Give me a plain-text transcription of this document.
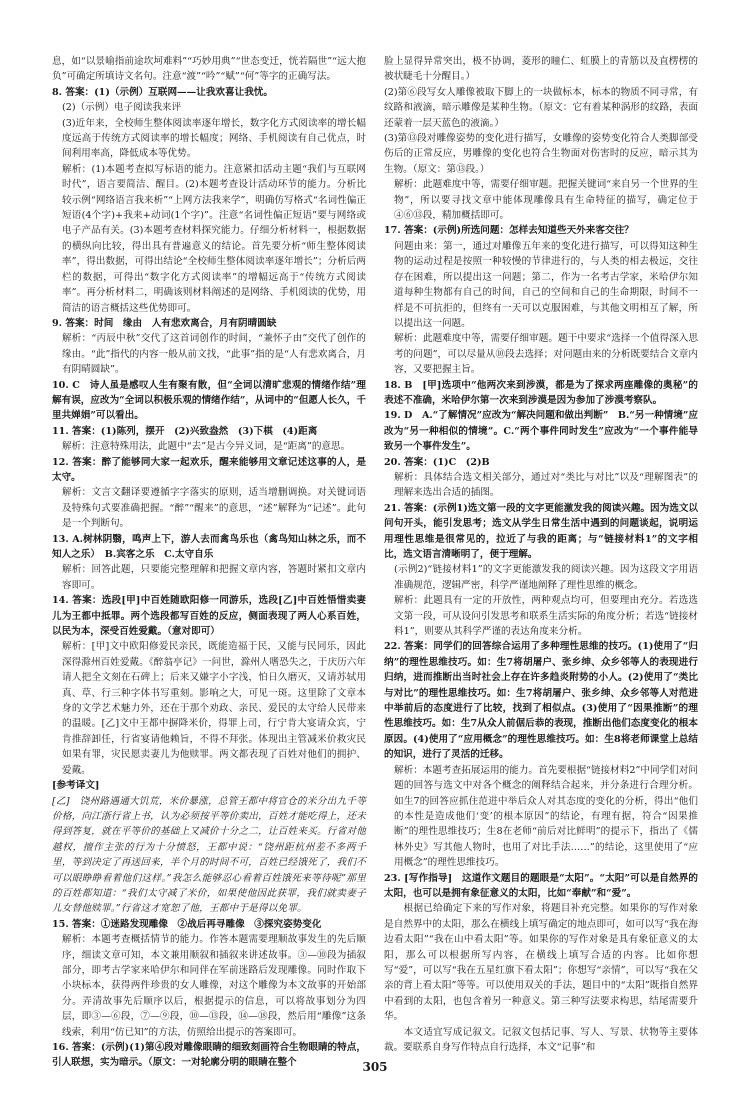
息，如“以景喻指前途坎坷难料”“巧妙用典”“世态变迁，恍若隔世”“远大抱负”可确定所填诗文名句。注意“渡”“吟”“赋”“何”等字的正确写法。

8. 答案：(1)（示例）互联网——让我欢喜让我忧。

(2)（示例）电子阅读我来评

(3)近年来，全校师生整体阅读率逐年增长，数字化方式阅读率的增长幅度远高于传统方式阅读率的增长幅度；网络、手机阅读有自己优点，时间利用率高，降低成本等优势。

解析：(1)本题考查拟写标语的能力。注意紧扣活动主题“我们与互联网时代”，语言要简洁、醒目。(2)本题考查设计活动环节的能力。分析比较示例“网络语言我来析”“上网方法我来学”，明确仿写格式“名词性偏正短语(4个字)+我来+动词(1个字)”。注意“名词性偏正短语”要与网络或电子产品有关。(3)本题考查材料探究能力。仔细分析材料一，根据数据的横纵向比较，得出具有普遍意义的结论。首先要分析“师生整体阅读率”，得出数据，可得出结论“全校师生整体阅读率逐年增长”；分析后两栏的数据，可得出“数字化方式阅读率”的增幅远高于“传统方式阅读率”。再分析材料二，明确该则材料阐述的是网络、手机阅读的优势，用简洁的语言概括这些优势即可。

9. 答案：时间　缘由　人有悲欢离合，月有阴晴圆缺

解析：“丙辰中秋”交代了这首词创作的时间，“兼怀子由”交代了创作的缘由。“此”指代的内容一般从前文找，“此事”指的是“人有悲欢离合，月有阴晴圆缺”。

10. C　诗人虽是感叹人生有聚有散，但“全词以清旷悲观的情绪作结”理解有误，应改为“全词以积极乐观的情绪作结”，从词中的“但愿人长久，千里共婵娟”可以看出。

11. 答案：(1)陈列，摆开　(2)兴致盎然　(3)下棋　(4)距离

解析：注意特殊用法，此题中“去”是古今异义词，是“距离”的意思。

12. 答案：醉了能够同大家一起欢乐，醒来能够用文章记述这事的人，是太守。

解析：文言文翻译要遵循字字落实的原则，适当增删调换。对关键词语及特殊句式要准确把握。“醉”“醒来”的意思，“述”解释为“记述”。此句是一个判断句。

13. A.树林阴翳，鸣声上下，游人去而禽鸟乐也（禽鸟知山林之乐，而不知人之乐）　B.宾客之乐　C.太守自乐

解析：回答此题，只要能完整理解和把握文章内容，答题时紧扣文章内容即可。

14. 答案：选段[甲]中百姓随欧阳修一同游乐，选段[乙]中百姓悟惜卖妻儿为王都中抵罪。两个选段都写百姓的反应，侧面表现了两人心系百姓，以民为本，深受百姓爱戴。（意对即可）

解析：[甲]文中欧阳修爱民亲民，既能造福于民，又能与民同乐，因此深得滁州百姓爱戴。《醉翁亭记》一问世，滁州人嗜恐失之，于庆历六年请人把全文刻在石碑上；后来又嫌字小字浅，怕日久磨灭，又请苏轼用真、草、行三种字体书写重刻。影响之大，可见一斑。这里除了文章本身的文学艺术魅力外，还在于那个劝政、亲民、爱民的太守给人民带来的温暖。[乙]文中王都中摒降米价，得罪上司，行宁肯大宴请众宾，宁肯推辞卸任，行省宴请他赖旨，不得不拜张。体现出主管减米价救灾民如果有罪，灾民愿卖妻儿为他赎罪。两文都表现了百姓对他们的拥护、爱戴。

[参考译文]

[乙]　饶州路遇通大饥荒，米价暴涨，总管王都中将官仓的米分出九千等价格，向江浙行省上书，认为必须按平等价卖出，百姓才能吃得上，还未得到答复，就在平等价的基础上又减价十分之二，让百姓来买。行省对他越权，擅作主张的行为十分愤怒，王都中说：“饶州距杭州差不多两千里，等到决定了再送回来，半个月的时间不可，百姓已经饿死了，我们不可以眼睁睁看着他们这样。”我怎么能够忍心看着百姓饿死来等待呢”那里的百姓都知道：“我们太守减了米价，如果使他因此获罪，我们就卖妻子儿女替他赎罪。”行省这才宽恕了他，王都中于是得以免罪。

15. 答案：①迷路发现雕像　②战后再寻雕像　③探究姿势变化

解析：本题考查概括情节的能力。作答本题需要理顺故事发生的先后顺序，细读文章可知，本文兼用顺叙和插叙来讲述故事。③—⑩段为插叙部分，即考古学家来哈伊尔和同伴在军前迷路后发现雕像。同时作取下小块标本，获得两件珍贵的女人雕像，对这个雕像为本文故事的开始部分。弄清故事先后顺序以后，根据提示的信息，可以将故事划分为四层，即③—⑥段，⑦—⑨段，⑩—⑬段，⑭—⑱段，然后用“雕像”这条线索，利用“仿已知”的方法，仿照给出提示的答案即可。

16. 答案：(示例)(1)第④段对雕像眼睛的细致刻画符合生物眼睛的特点，引人联想，实为暗示。（原文：一对轮廓分明的眼睛在整个

脸上显得异常突出，极不协调，菱形的瞳仁、虹膜上的青筋以及直楞楞的被状睫毛十分醒目。）

(2)第⑥段写女人雕像被取下脚上的一块做标本，标本的物质不同寻常，有纹路和液滴，暗示雕像是某种生物。（原文：它有着某种涡形的纹路，表面还蒙着一层天蓝色的液滴。）

(3)第⑬段对雕像姿势的变化进行描写，女雕像的姿势变化符合人类脚部受伤后的正常反应，男雕像的变化也符合生物面对伤害时的反应，暗示其为生物。（原文：第⑬段。）

解析：此题难度中等，需要仔细审题。把握关键词“来自另一个世界的生物”，所以要寻找文章中能体现雕像具有生命特征的描写，确定位于④⑥⑬段，精加概括即可。

17. 答案：(示例)所选问题：怎样去知道些天外来客交往？

问题由来：第一，通过对雕像五年来的变化进行描写，可以得知这种生物的运动过程是按照一种较慢的节律进行的，与人类的相去极远，交往存在困难，所以提出这一问题；第二，作为一名考古学家，米哈伊尔知道每种生物都有自己的时间，自己的空间和自己的生命期限，时间不一样是不可抗拒的，但终有一天可以克服困难，与其他文明相互了解，所以提出这一问题。

解析：此题难度中等，需要仔细审题。题干中要求“选择一个值得深入思考的问题”，可以尽量从⑩段去选择；对问题由来的分析既要结合文章内容，又要把握主旨。

18. B　[甲]选项中“他两次来到涉漠，都是为了探求两座雕像的奥秘”的表述不准确，米哈伊尔第一次来到涉漠是因为参加了涉漠考察队。

19. D　A.“了解情况”应改为“解决问题和做出判断”　B.“另一种情境”应改为“另一种相似的情境”。C.“两个事件同时发生”应改为“一个事件能导致另一个事件发生”。

20. 答案：(1)C　(2)B

解析：具体结合选文相关部分，通过对“类比与对比”以及“理解图表”的理解来选出合适的插图。

21. 答案：(示例1)选文第一段的文字更能激发我的阅读兴趣。因为选文以问句开头，能引发思考；选文从学生日常生活中遇到的问题谈起，说明运用理性思维是很常见的，拉近了与我的距离；与“链接材料1”的文字相比，选文语言清晰明了，便于理解。

(示例2)“链接材料1”的文字更能激发我的阅读兴趣。因为这段文字用语准确规范，逻辑严密，科学严谨地阐释了理性思维的概念。

解析：此题具有一定的开放性，两种观点均可，但要理由充分。若选选文第一段，可从设问引发思考和联系生活实际的角度分析；若选“链接材料1”，则要从其科学严谨的表达角度来分析。

22. 答案：同学们的回答综合运用了多种理性思维的技巧。(1)使用了“归纳”的理性思维技巧。如：生7将胡屠户、张乡绅、众乡邻等人的表现进行归纳，进而推断出当时社会上存在许多趋炎附势的小人。(2)使用了“类比与对比”的理性思维技巧。如：生7将胡屠户、张乡绅、众乡邻等人对范进中举前后的态度进行了比较，找到了相似点。(3)使用了“因果推断”的理性思维技巧。如：生7从众人前倨后恭的表现，推断出他们态度变化的根本原因。(4)使用了“应用概念”的理性思维技巧。如：生8将老师课堂上总结的知识，进行了灵活的迁移。

解析：本题考查拓展运用的能力。首先要根据“链接材料2”中同学们对问题的回答与选文中对各个概念的阐释结合起来，并分条进行合理分析。如生7的回答应抓住范进中举后众人对其态度的变化的分析，得出“他们的本性是造成他们‘变’的根本原因”的结论，有理有据，符合“因果推断”的理性思维技巧；生8在老师“前后对比鲜明”的提示下，指出了《儒林外史》写其他人物时，也用了对比手法……”的结论，这里使用了“应用概念”的理性思维技巧。

23. [写作指导]　这道作文题目的题眼是“太阳”。“太阳”可以是自然界的太阳，也可以是拥有象征意义的太阳，比如“奉献”和“爱”。

　　根据已给确定下来的写作对象，将题目补充完整。如果你的写作对象是自然界中的太阳，那么在横线上填写确定的地点即可，如可以写“我在海边看太阳”“我在山中看太阳”等。如果你的写作对象是具有象征意义的太阳，那么可以根据所写内容，在横线上填写合适的内容。比如你想写“爱”，可以写“我在五星红旗下看太阳”；你想写“亲情”，可以写“我在父亲的背上看太阳”等等。可以使用双关的手法，题目中的“太阳”既指自然界中看到的太阳，也包含着另一种意义。第三种写法要求构思，结尾需要升华。

　　本文适宜写成记叙文。记叙文包括记事、写人、写景、状物等主要体裁。要联系自身写作特点自行选择，本文“记事”和

305
